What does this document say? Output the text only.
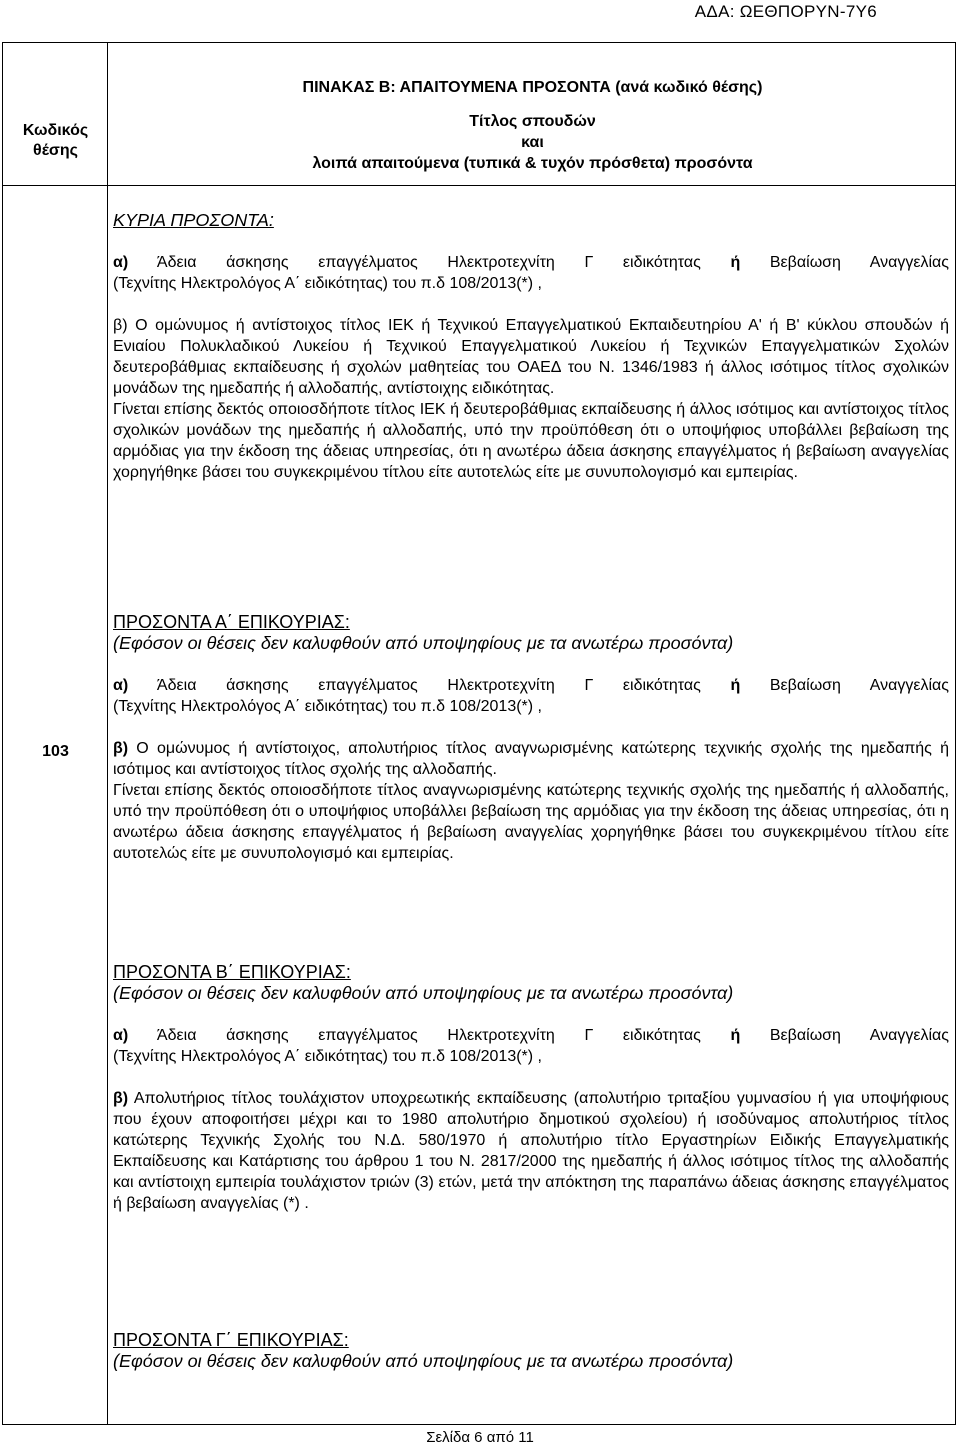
ΑΔΑ: ΩΕΘΠΟΡΥΝ-7Υ6
Κωδικός
θέσης
ΠΙΝΑΚΑΣ Β: ΑΠΑΙΤΟΥΜΕΝΑ ΠΡΟΣΟΝΤΑ (ανά κωδικό θέσης)
Τίτλος σπουδών
και
λοιπά απαιτούμενα (τυπικά & τυχόν πρόσθετα) προσόντα
103

ΚΥΡΙΑ ΠΡΟΣΟΝΤΑ:

α) Άδεια άσκησης επαγγέλματος Ηλεκτροτεχνίτη Γ ειδικότητας ή Βεβαίωση Αναγγελίας

(Τεχνίτης Ηλεκτρολόγος Α΄ ειδικότητας) του π.δ 108/2013(*) ,

β) Ο ομώνυμος ή αντίστοιχος τίτλος ΙΕΚ ή Τεχνικού Επαγγελματικού Εκπαιδευτηρίου Α' ή Β' κύκλου σπουδών ή Ενιαίου Πολυκλαδικού Λυκείου ή Τεχνικού Επαγγελματικού Λυκείου ή Τεχνικών Επαγγελματικών Σχολών δευτεροβάθμιας εκπαίδευσης ή σχολών μαθητείας του ΟΑΕΔ του Ν. 1346/1983 ή άλλος ισότιμος τίτλος σχολικών μονάδων της ημεδαπής ή αλλοδαπής, αντίστοιχης ειδικότητας.

Γίνεται επίσης δεκτός οποιοσδήποτε τίτλος ΙΕΚ ή δευτεροβάθμιας εκπαίδευσης ή άλλος ισότιμος και αντίστοιχος τίτλος σχολικών μονάδων της ημεδαπής ή αλλοδαπής, υπό την προϋπόθεση ότι ο υποψήφιος υποβάλλει βεβαίωση της αρμόδιας για την έκδοση της άδειας υπηρεσίας, ότι η ανωτέρω άδεια άσκησης επαγγέλματος ή βεβαίωση αναγγελίας χορηγήθηκε βάσει του συγκεκριμένου τίτλου είτε αυτοτελώς είτε με συνυπολογισμό και εμπειρίας.

ΠΡΟΣΟΝΤΑ Α΄ ΕΠΙΚΟΥΡΙΑΣ:

(Εφόσον οι θέσεις δεν καλυφθούν από υποψηφίους με τα ανωτέρω προσόντα)

α) Άδεια άσκησης επαγγέλματος Ηλεκτροτεχνίτη Γ ειδικότητας ή Βεβαίωση Αναγγελίας

(Τεχνίτης Ηλεκτρολόγος Α΄ ειδικότητας) του π.δ 108/2013(*) ,

β) Ο ομώνυμος ή αντίστοιχος, απολυτήριος τίτλος αναγνωρισμένης κατώτερης τεχνικής σχολής της ημεδαπής ή ισότιμος και αντίστοιχος τίτλος σχολής της αλλοδαπής.

Γίνεται επίσης δεκτός οποιοσδήποτε τίτλος αναγνωρισμένης κατώτερης τεχνικής σχολής της ημεδαπής ή αλλοδαπής, υπό την προϋπόθεση ότι ο υποψήφιος υποβάλλει βεβαίωση της αρμόδιας για την έκδοση της άδειας υπηρεσίας, ότι η ανωτέρω άδεια άσκησης επαγγέλματος ή βεβαίωση αναγγελίας χορηγήθηκε βάσει του συγκεκριμένου τίτλου είτε αυτοτελώς είτε με συνυπολογισμό και εμπειρίας.

ΠΡΟΣΟΝΤΑ Β΄ ΕΠΙΚΟΥΡΙΑΣ:

(Εφόσον οι θέσεις δεν καλυφθούν από υποψηφίους με τα ανωτέρω προσόντα)

α) Άδεια άσκησης επαγγέλματος Ηλεκτροτεχνίτη Γ ειδικότητας ή Βεβαίωση Αναγγελίας

(Τεχνίτης Ηλεκτρολόγος Α΄ ειδικότητας) του π.δ 108/2013(*) ,

β) Απολυτήριος τίτλος τουλάχιστον υποχρεωτικής εκπαίδευσης (απολυτήριο τριταξίου γυμνασίου ή για υποψήφιους που έχουν αποφοιτήσει μέχρι και το 1980 απολυτήριο δημοτικού σχολείου) ή ισοδύναμος απολυτήριος τίτλος κατώτερης Τεχνικής Σχολής του Ν.Δ. 580/1970 ή απολυτήριο τίτλο Εργαστηρίων Ειδικής Επαγγελματικής Εκπαίδευσης και Κατάρτισης του άρθρου 1 του Ν. 2817/2000 της ημεδαπής ή άλλος ισότιμος τίτλος της αλλοδαπής και αντίστοιχη εμπειρία τουλάχιστον τριών (3) ετών, μετά την απόκτηση της παραπάνω άδειας άσκησης επαγγέλματος ή βεβαίωση αναγγελίας (*) .

ΠΡΟΣΟΝΤΑ Γ΄ ΕΠΙΚΟΥΡΙΑΣ:

(Εφόσον οι θέσεις δεν καλυφθούν από υποψηφίους με τα ανωτέρω προσόντα)

Σελίδα 6 από 11
